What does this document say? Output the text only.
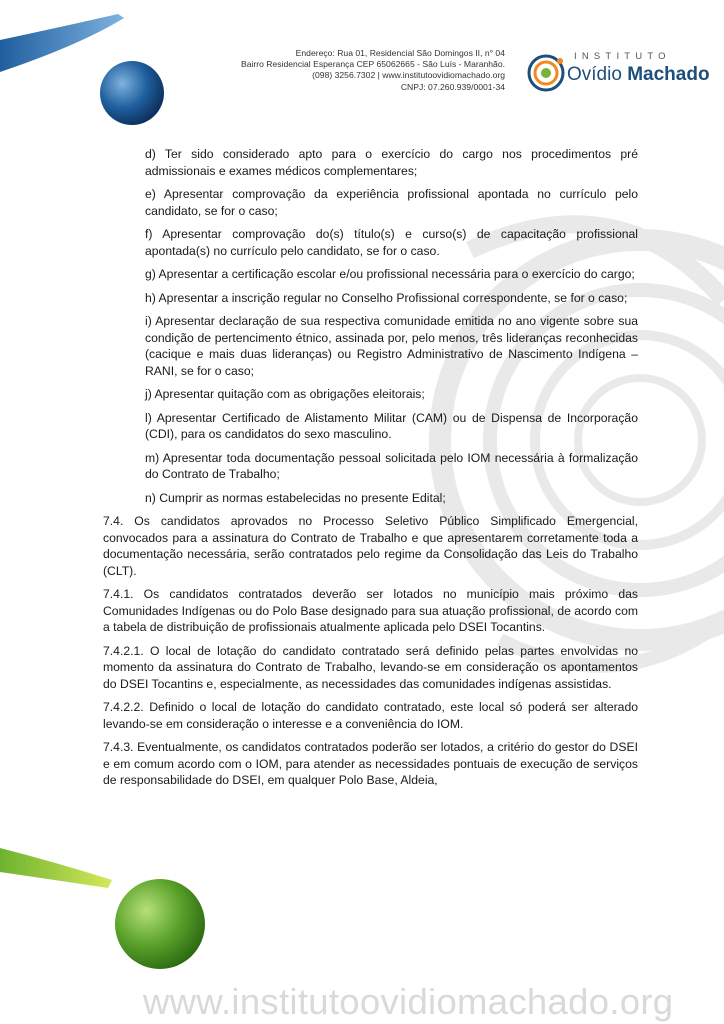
Endereço: Rua 01, Residencial São Domingos II, n° 04
Bairro Residencial Esperança CEP 65062665 - São Luís - Maranhão.
(098) 3256.7302 | www.institutoovidiomachado.org
CNPJ: 07.260.939/0001-34
INSTITUTO
Ovídio Machado

d) Ter sido considerado apto para o exercício do cargo nos procedimentos pré admissionais e exames médicos complementares;

e) Apresentar comprovação da experiência profissional apontada no currículo pelo candidato, se for o caso;

f) Apresentar comprovação do(s) título(s) e curso(s) de capacitação profissional apontada(s) no currículo pelo candidato, se for o caso.

g) Apresentar a certificação escolar e/ou profissional necessária para o exercício do cargo;

h) Apresentar a inscrição regular no Conselho Profissional correspondente, se for o caso;

i) Apresentar declaração de sua respectiva comunidade emitida no ano vigente sobre sua condição de pertencimento étnico, assinada por, pelo menos, três lideranças reconhecidas (cacique e mais duas lideranças) ou Registro Administrativo de Nascimento Indígena – RANI, se for o caso;

j) Apresentar quitação com as obrigações eleitorais;

l) Apresentar Certificado de Alistamento Militar (CAM) ou de Dispensa de Incorporação (CDI), para os candidatos do sexo masculino.

m) Apresentar toda documentação pessoal solicitada pelo IOM necessária à formalização do Contrato de Trabalho;

n) Cumprir as normas estabelecidas no presente Edital;

7.4. Os candidatos aprovados no Processo Seletivo Público Simplificado Emergencial, convocados para a assinatura do Contrato de Trabalho e que apresentarem corretamente toda a documentação necessária, serão contratados pelo regime da Consolidação das Leis do Trabalho (CLT).

7.4.1. Os candidatos contratados deverão ser lotados no município mais próximo das Comunidades Indígenas ou do Polo Base designado para sua atuação profissional, de acordo com a tabela de distribuição de profissionais atualmente aplicada pelo DSEI Tocantins.

7.4.2.1. O local de lotação do candidato contratado será definido pelas partes envolvidas no momento da assinatura do Contrato de Trabalho, levando-se em consideração os apontamentos do DSEI Tocantins e, especialmente, as necessidades das comunidades indígenas assistidas.

7.4.2.2. Definido o local de lotação do candidato contratado, este local só poderá ser alterado levando-se em consideração o interesse e a conveniência do IOM.

7.4.3. Eventualmente, os candidatos contratados poderão ser lotados, a critério do gestor do DSEI e em comum acordo com o IOM, para atender as necessidades pontuais de execução de serviços de responsabilidade do DSEI, em qualquer Polo Base, Aldeia,

www.institutoovidiomachado.org
